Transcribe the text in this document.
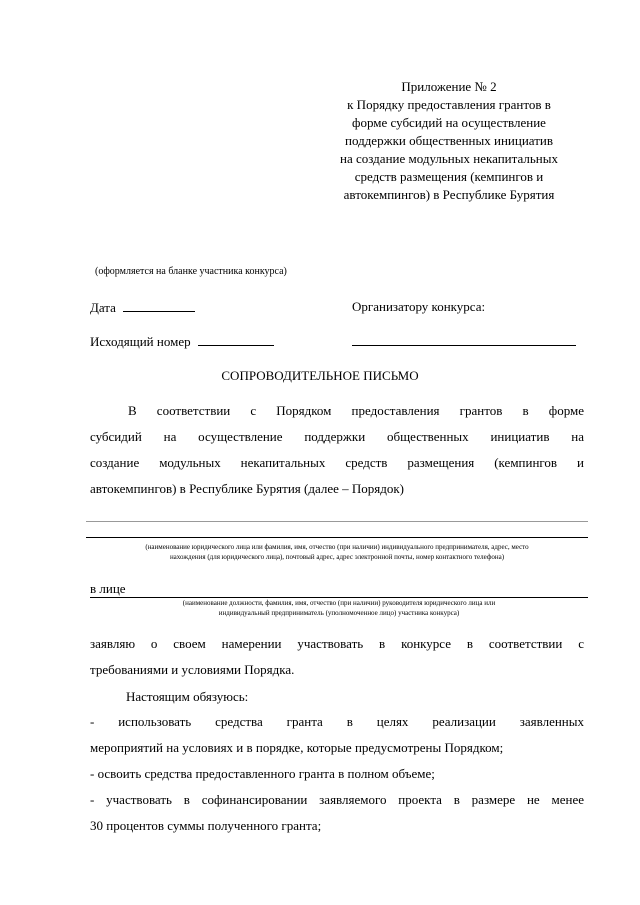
Приложение № 2
к Порядку предоставления грантов в
форме субсидий на осуществление
поддержки общественных инициатив
на создание модульных некапитальных
средств размещения (кемпингов и
автокемпингов) в Республике Бурятия
(оформляется на бланке участника конкурса)
Дата	Организатору конкурса:
Исходящий номер
СОПРОВОДИТЕЛЬНОЕ ПИСЬМО
В соответствии с Порядком предоставления грантов в форме
субсидий на осуществление поддержки общественных инициатив на
создание модульных некапитальных средств размещения (кемпингов и
автокемпингов) в Республике Бурятия (далее – Порядок)
(наименование юридического лица или фамилия, имя, отчество (при наличии) индивидуального предпринимателя, адрес, место
нахождения (для юридического лица), почтовый адрес, адрес электронной почты, номер контактного телефона)
в лице
(наименование должности, фамилия, имя, отчество (при наличии) руководителя юридического лица или
индивидуальный предприниматель (уполномоченное лицо) участника конкурса)
заявляю о своем намерении участвовать в конкурсе в соответствии с
требованиями и условиями Порядка.
Настоящим обязуюсь:
- использовать средства гранта в целях реализации заявленных
мероприятий на условиях и в порядке, которые предусмотрены Порядком;
- освоить средства предоставленного гранта в полном объеме;
- участвовать в софинансировании заявляемого проекта в размере не менее
30 процентов суммы полученного гранта;
